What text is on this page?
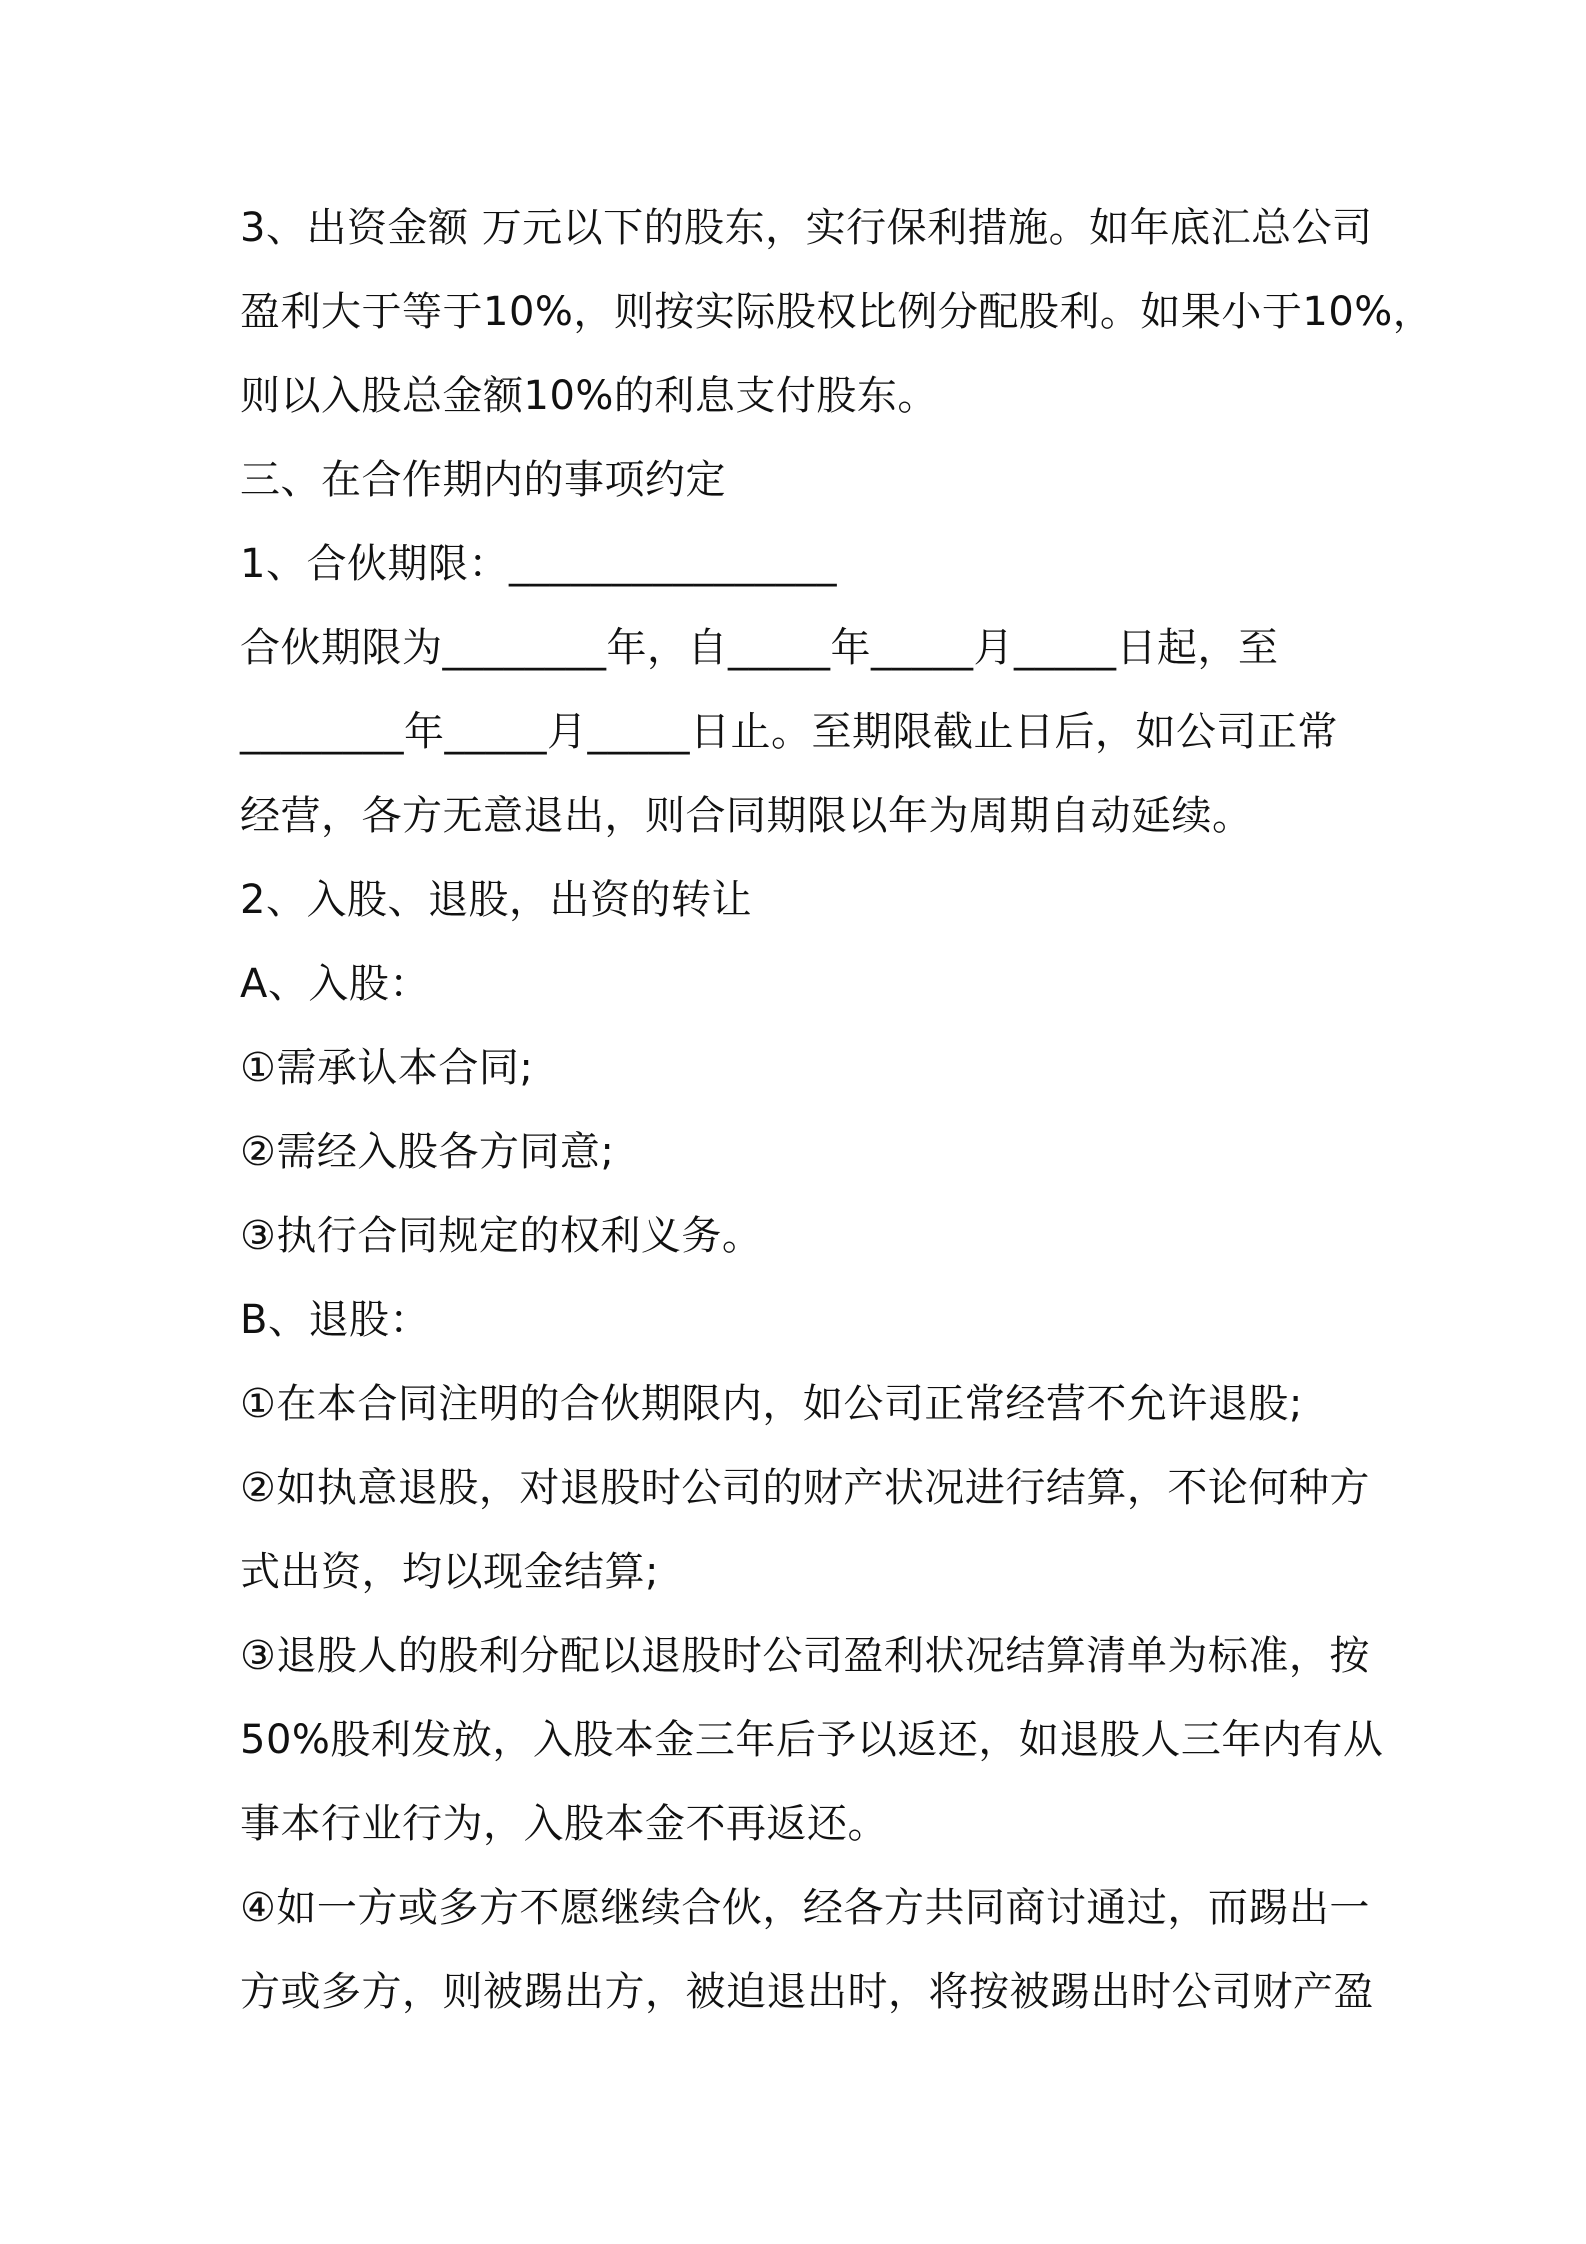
3、出资金额 万元以下的股东，实行保利措施。如年底汇总公司
盈利大于等于10%，则按实际股权比例分配股利。如果小于10%，
则以入股总金额10%的利息支付股东。
三、在合作期内的事项约定
1、合伙期限：________________
合伙期限为________年，自_____年_____月_____日起，至
________年_____月_____日止。至期限截止日后，如公司正常
经营，各方无意退出，则合同期限以年为周期自动延续。
2、入股、退股，出资的转让
A、入股：
①需承认本合同;
②需经入股各方同意;
③执行合同规定的权利义务。
B、退股：
①在本合同注明的合伙期限内，如公司正常经营不允许退股;
②如执意退股，对退股时公司的财产状况进行结算，不论何种方
式出资，均以现金结算;
③退股人的股利分配以退股时公司盈利状况结算清单为标准，按
50%股利发放，入股本金三年后予以返还，如退股人三年内有从
事本行业行为，入股本金不再返还。
④如一方或多方不愿继续合伙，经各方共同商讨通过，而踢出一
方或多方，则被踢出方，被迫退出时，将按被踢出时公司财产盈
